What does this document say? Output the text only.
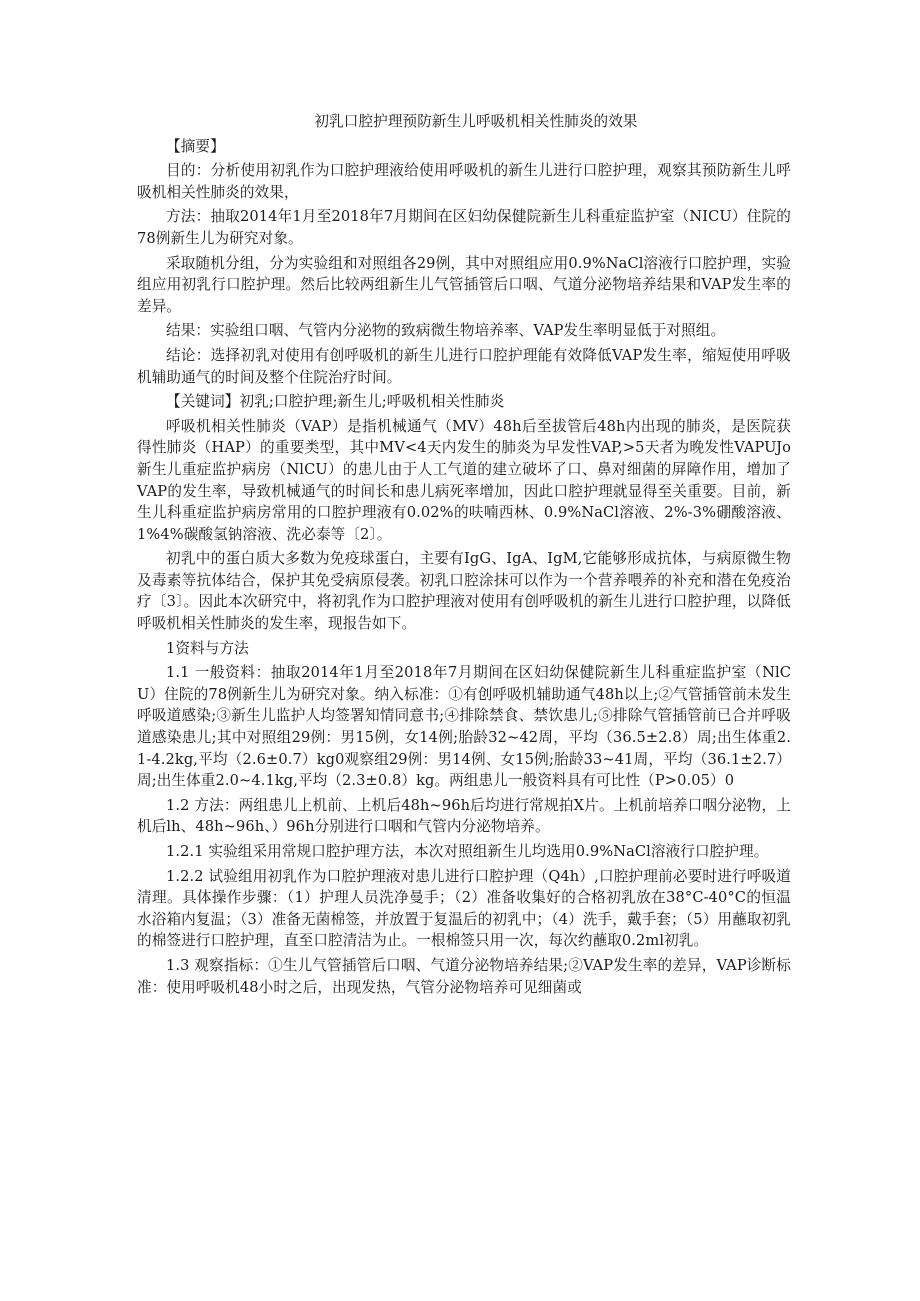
初乳口腔护理预防新生儿呼吸机相关性肺炎的效果
【摘要】
目的：分析使用初乳作为口腔护理液给使用呼吸机的新生儿进行口腔护理，观察其预防新生儿呼吸机相关性肺炎的效果，
方法：抽取2014年1月至2018年7月期间在区妇幼保健院新生儿科重症监护室（NICU）住院的78例新生儿为研究对象。
采取随机分组，分为实验组和对照组各29例，其中对照组应用0.9%NaCl溶液行口腔护理，实验组应用初乳行口腔护理。然后比较两组新生儿气管插管后口咽、气道分泌物培养结果和VAP发生率的差异。
结果：实验组口咽、气管内分泌物的致病微生物培养率、VAP发生率明显低于对照组。
结论：选择初乳对使用有创呼吸机的新生儿进行口腔护理能有效降低VAP发生率，缩短使用呼吸机辅助通气的时间及整个住院治疗时间。
【关键词】初乳;口腔护理;新生儿;呼吸机相关性肺炎
呼吸机相关性肺炎（VAP）是指机械通气（MV）48h后至拔管后48h内出现的肺炎，是医院获得性肺炎（HAP）的重要类型，其中MV<4天内发生的肺炎为早发性VAP,>5天者为晚发性VAPUJo新生儿重症监护病房（NlCU）的患儿由于人工气道的建立破坏了口、鼻对细菌的屏障作用，增加了VAP的发生率，导致机械通气的时间长和患儿病死率增加，因此口腔护理就显得至关重要。目前，新生儿科重症监护病房常用的口腔护理液有0.02%的呋喃西林、0.9%NaCl溶液、2%-3%硼酸溶液、1%4%碳酸氢钠溶液、洗必泰等〔2〕。
初乳中的蛋白质大多数为免疫球蛋白，主要有IgG、IgA、IgM,它能够形成抗体，与病原微生物及毒素等抗体结合，保护其免受病原侵袭。初乳口腔涂抹可以作为一个营养喂养的补充和潜在免疫治疗〔3〕。因此本次研究中，将初乳作为口腔护理液对使用有创呼吸机的新生儿进行口腔护理，以降低呼吸机相关性肺炎的发生率，现报告如下。
1资料与方法
1.1 一般资料：抽取2014年1月至2018年7月期间在区妇幼保健院新生儿科重症监护室（NlCU）住院的78例新生儿为研究对象。纳入标准：①有创呼吸机辅助通气48h以上;②气管插管前未发生呼吸道感染;③新生儿监护人均签署知情同意书;④排除禁食、禁饮患儿;⑤排除气管插管前已合并呼吸道感染患儿;其中对照组29例：男15例，女14例;胎龄32~42周，平均（36.5±2.8）周;出生体重2.1-4.2kg,平均（2.6±0.7）kg0观察组29例：男14例、女15例;胎龄33~41周，平均（36.1±2.7）周;出生体重2.0~4.1kg,平均（2.3±0.8）kg。两组患儿一般资料具有可比性（P>0.05）0
1.2 方法：两组患儿上机前、上机后48h~96h后均进行常规拍X片。上机前培养口咽分泌物，上机后lh、48h~96h、）96h分别进行口咽和气管内分泌物培养。
1.2.1 实验组采用常规口腔护理方法，本次对照组新生儿均选用0.9%NaCl溶液行口腔护理。
1.2.2 试验组用初乳作为口腔护理液对患儿进行口腔护理（Q4h）,口腔护理前必要时进行呼吸道清理。具体操作步骤：（1）护理人员洗净曼手；（2）准备收集好的合格初乳放在38°C-40°C的恒温水浴箱内复温；（3）准备无菌棉签，并放置于复温后的初乳中；（4）洗手，戴手套；（5）用蘸取初乳的棉签进行口腔护理，直至口腔清洁为止。一根棉签只用一次，每次约蘸取0.2ml初乳。
1.3 观察指标：①生儿气管插管后口咽、气道分泌物培养结果;②VAP发生率的差异，VAP诊断标准：使用呼吸机48小时之后，出现发热，气管分泌物培养可见细菌或
